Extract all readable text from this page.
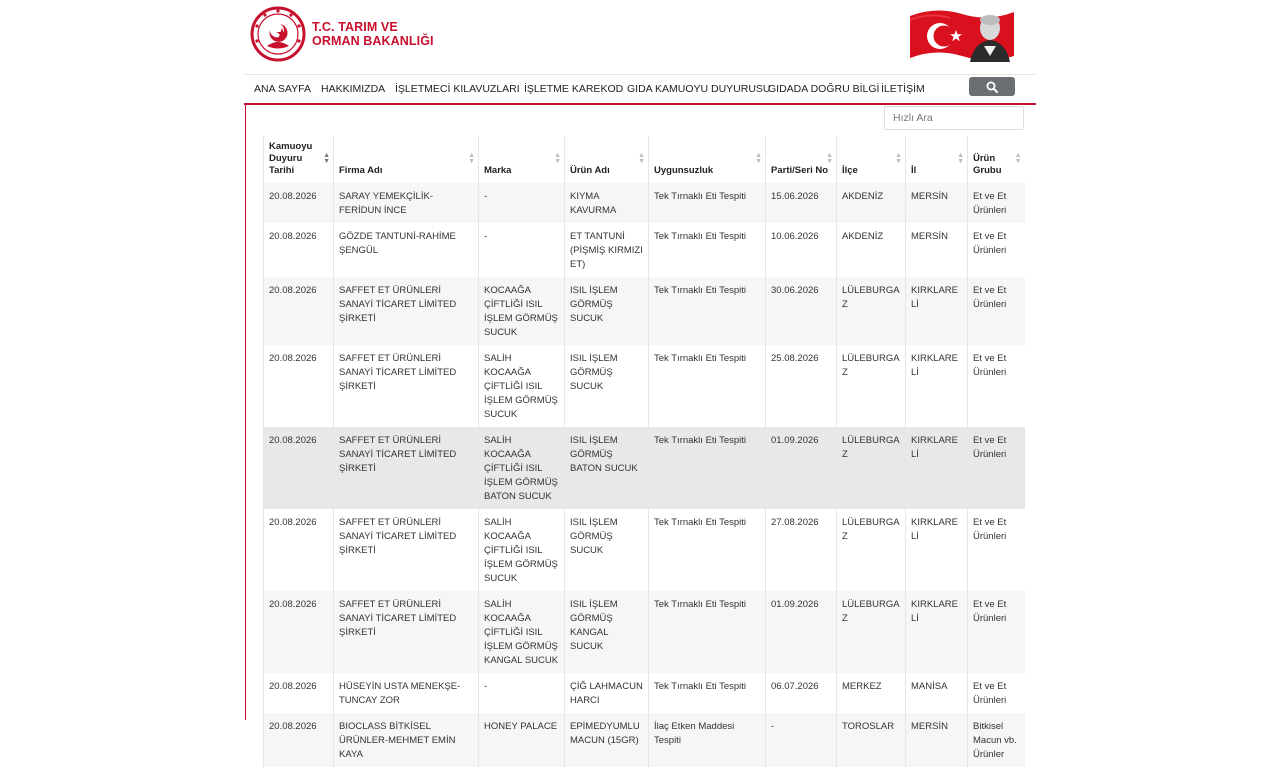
T.C. TARIM VE
ORMAN BAKANLIĞI
ANA SAYFA HAKKIMIZDA İŞLETMECİ KILAVUZLARI İŞLETME KAREKOD GIDA KAMUOYU DUYURUSU
GIDADA DOĞRU BİLGİ İLETİŞİM
Hızlı Ara
Kamuoyu Duyuru Tarihi
▲
▼	Firma Adı
▲
▼	Marka
▲
▼	Ürün Adı
▲
▼	Uygunsuzluk
▲
▼	Parti/Seri No
▲
▼	İlçe
▲
▼	İl
▲
▼	Ürün Grubu
▲
▼

20.08.2026	SARAY YEMEKÇİLİK-FERİDUN İNCE	-	KIYMA KAVURMA	Tek Tırnaklı Eti Tespiti	15.06.2026	AKDENİZ	MERSİN	Et ve Et Ürünleri
20.08.2026	GÖZDE TANTUNİ-RAHİME ŞENGÜL	-	ET TANTUNİ (PİŞMİŞ KIRMIZI ET)	Tek Tırnaklı Eti Tespiti	10.06.2026	AKDENİZ	MERSİN	Et ve Et Ürünleri
20.08.2026	SAFFET ET ÜRÜNLERİ SANAYİ TİCARET LİMİTED ŞİRKETİ	KOCAAĞA ÇİFTLİĞİ ISIL İŞLEM GÖRMÜŞ SUCUK	ISIL İŞLEM GÖRMÜŞ SUCUK	Tek Tırnaklı Eti Tespiti	30.06.2026	LÜLEBURGAZ	KIRKLARELİ	Et ve Et Ürünleri
20.08.2026	SAFFET ET ÜRÜNLERİ SANAYİ TİCARET LİMİTED ŞİRKETİ	SALİH KOCAAĞA ÇİFTLİĞİ ISIL İŞLEM GÖRMÜŞ SUCUK	ISIL İŞLEM GÖRMÜŞ SUCUK	Tek Tırnaklı Eti Tespiti	25.08.2026	LÜLEBURGAZ	KIRKLARELİ	Et ve Et Ürünleri
20.08.2026	SAFFET ET ÜRÜNLERİ SANAYİ TİCARET LİMİTED ŞİRKETİ	SALİH KOCAAĞA ÇİFTLİĞİ ISIL İŞLEM GÖRMÜŞ BATON SUCUK	ISIL İŞLEM GÖRMÜŞ BATON SUCUK	Tek Tırnaklı Eti Tespiti	01.09.2026	LÜLEBURGAZ	KIRKLARELİ	Et ve Et Ürünleri
20.08.2026	SAFFET ET ÜRÜNLERİ SANAYİ TİCARET LİMİTED ŞİRKETİ	SALİH KOCAAĞA ÇİFTLİĞİ ISIL İŞLEM GÖRMÜŞ SUCUK	ISIL İŞLEM GÖRMÜŞ SUCUK	Tek Tırnaklı Eti Tespiti	27.08.2026	LÜLEBURGAZ	KIRKLARELİ	Et ve Et Ürünleri
20.08.2026	SAFFET ET ÜRÜNLERİ SANAYİ TİCARET LİMİTED ŞİRKETİ	SALİH KOCAAĞA ÇİFTLİĞİ ISIL İŞLEM GÖRMÜŞ KANGAL SUCUK	ISIL İŞLEM GÖRMÜŞ KANGAL SUCUK	Tek Tırnaklı Eti Tespiti	01.09.2026	LÜLEBURGAZ	KIRKLARELİ	Et ve Et Ürünleri
20.08.2026	HÜSEYİN USTA MENEKŞE-TUNCAY ZOR	-	ÇİĞ LAHMACUN HARCI	Tek Tırnaklı Eti Tespiti	06.07.2026	MERKEZ	MANİSA	Et ve Et Ürünleri
20.08.2026	BIOCLASS BİTKİSEL ÜRÜNLER-MEHMET EMİN KAYA	HONEY PALACE	EPİMEDYUMLU MACUN (15GR)	İlaç Etken Maddesi Tespiti	-	TOROSLAR	MERSİN	Bitkisel Macun vb. Ürünler
